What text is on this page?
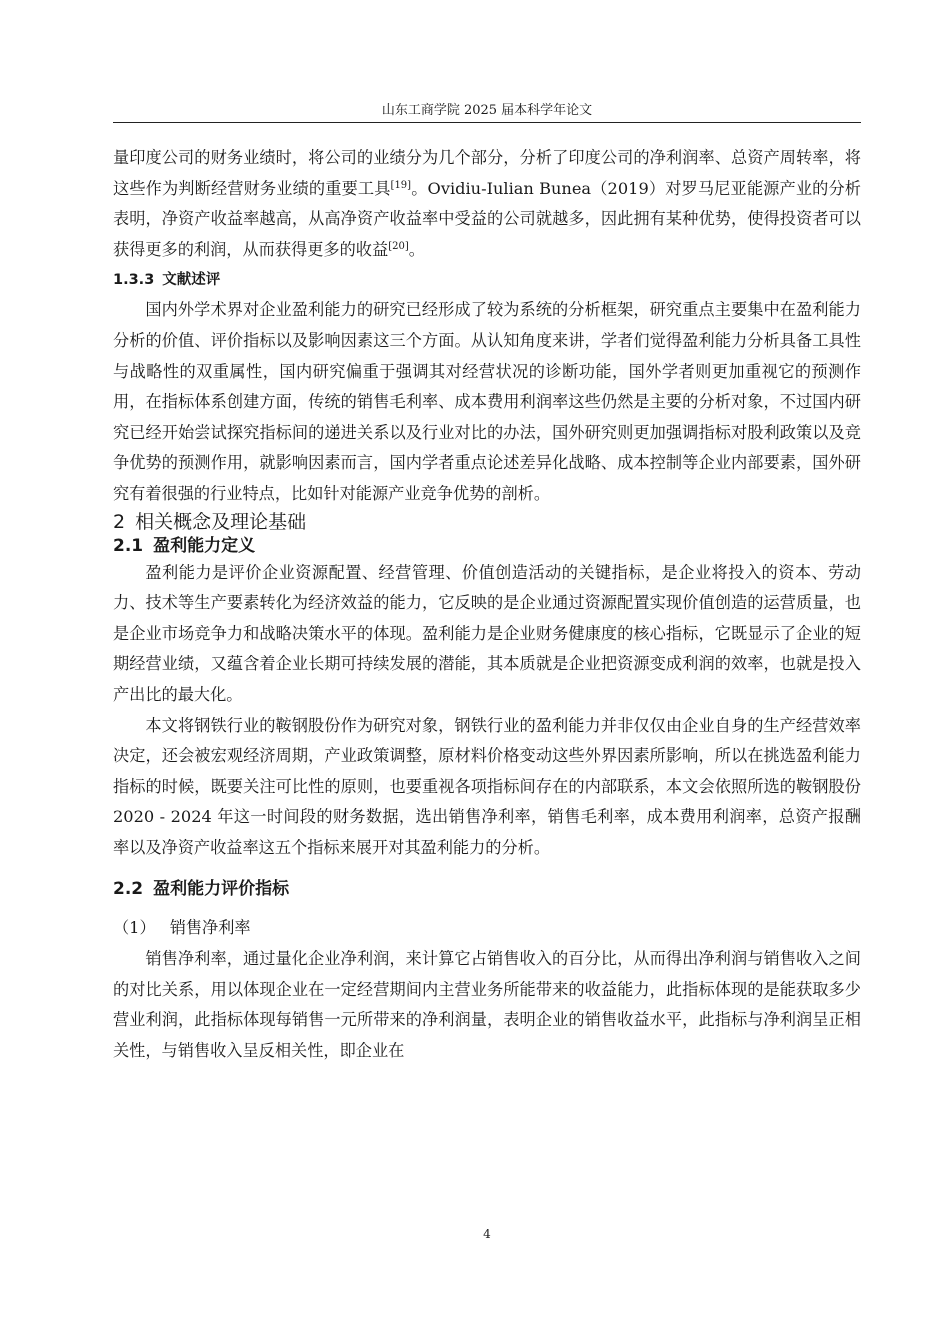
山东工商学院 2025 届本科学年论文

量印度公司的财务业绩时，将公司的业绩分为几个部分，分析了印度公司的净利润率、总资产周转率，将这些作为判断经营财务业绩的重要工具[19]。Ovidiu-Iulian Bunea（2019）对罗马尼亚能源产业的分析表明，净资产收益率越高，从高净资产收益率中受益的公司就越多，因此拥有某种优势，使得投资者可以获得更多的利润，从而获得更多的收益[20]。

1.3.3 文献述评

国内外学术界对企业盈利能力的研究已经形成了较为系统的分析框架，研究重点主要集中在盈利能力分析的价值、评价指标以及影响因素这三个方面。从认知角度来讲，学者们觉得盈利能力分析具备工具性与战略性的双重属性，国内研究偏重于强调其对经营状况的诊断功能，国外学者则更加重视它的预测作用，在指标体系创建方面，传统的销售毛利率、成本费用利润率这些仍然是主要的分析对象，不过国内研究已经开始尝试探究指标间的递进关系以及行业对比的办法，国外研究则更加强调指标对股利政策以及竞争优势的预测作用，就影响因素而言，国内学者重点论述差异化战略、成本控制等企业内部要素，国外研究有着很强的行业特点，比如针对能源产业竞争优势的剖析。

2 相关概念及理论基础

2.1 盈利能力定义

盈利能力是评价企业资源配置、经营管理、价值创造活动的关键指标，是企业将投入的资本、劳动力、技术等生产要素转化为经济效益的能力，它反映的是企业通过资源配置实现价值创造的运营质量，也是企业市场竞争力和战略决策水平的体现。盈利能力是企业财务健康度的核心指标，它既显示了企业的短期经营业绩，又蕴含着企业长期可持续发展的潜能，其本质就是企业把资源变成利润的效率，也就是投入产出比的最大化。

本文将钢铁行业的鞍钢股份作为研究对象，钢铁行业的盈利能力并非仅仅由企业自身的生产经营效率决定，还会被宏观经济周期，产业政策调整，原材料价格变动这些外界因素所影响，所以在挑选盈利能力指标的时候，既要关注可比性的原则，也要重视各项指标间存在的内部联系，本文会依照所选的鞍钢股份 2020 - 2024 年这一时间段的财务数据，选出销售净利率，销售毛利率，成本费用利润率，总资产报酬率以及净资产收益率这五个指标来展开对其盈利能力的分析。

2.2 盈利能力评价指标

（1） 销售净利率

销售净利率，通过量化企业净利润，来计算它占销售收入的百分比，从而得出净利润与销售收入之间的对比关系，用以体现企业在一定经营期间内主营业务所能带来的收益能力，此指标体现的是能获取多少营业利润，此指标体现每销售一元所带来的净利润量，表明企业的销售收益水平，此指标与净利润呈正相关性，与销售收入呈反相关性，即企业在

4
